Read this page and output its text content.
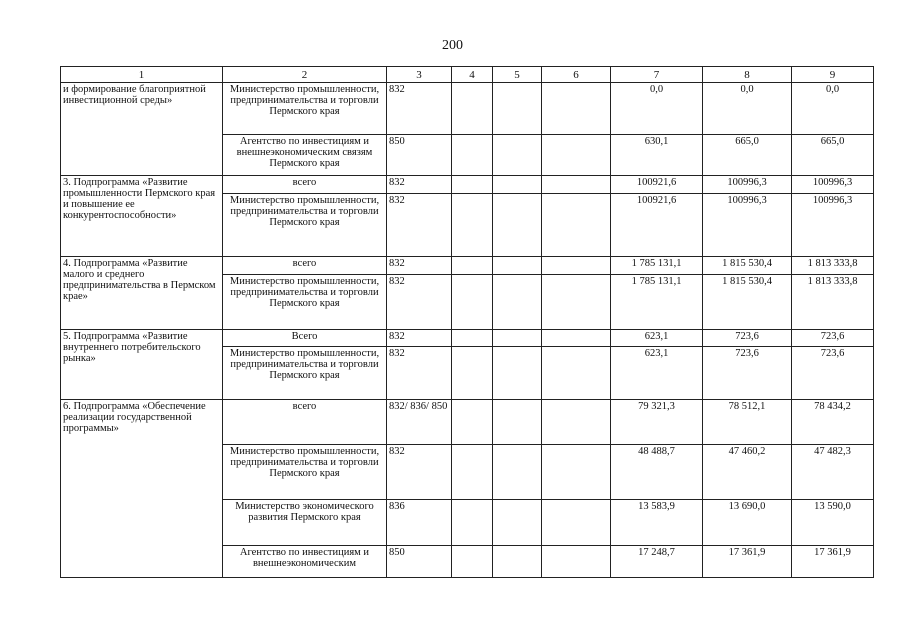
200
1	2	3	4	5	6	7	8	9
и формирование благоприятной инвестиционной среды»	Министерство промышленности, предпринимательства и торговли Пермского края	832				0,0	0,0	0,0
	Агентство по инвестициям и внешнеэкономическим связям Пермского края	850				630,1	665,0	665,0
3. Подпрограмма «Развитие промышленности Пермского края и повышение ее конкурентоспособности»	всего	832				100921,6	100996,3	100996,3
	Министерство промышленности, предпринимательства и торговли Пермского края	832				100921,6	100996,3	100996,3
4. Подпрограмма «Развитие малого и среднего предпринимательства в Пермском крае»	всего	832				1 785 131,1	1 815 530,4	1 813 333,8
	Министерство промышленности, предпринимательства и торговли Пермского края	832				1 785 131,1	1 815 530,4	1 813 333,8
5. Подпрограмма «Развитие внутреннего потребительского рынка»	Всего	832				623,1	723,6	723,6
	Министерство промышленности, предпринимательства и торговли Пермского края	832				623,1	723,6	723,6
6. Подпрограмма «Обеспечение реализации государственной программы»	всего	832/ 836/ 850				79 321,3	78 512,1	78 434,2
	Министерство промышленности, предпринимательства и торговли Пермского края	832				48 488,7	47 460,2	47 482,3
	Министерство экономического развития Пермского края	836				13 583,9	13 690,0	13 590,0
	Агентство по инвестициям и внешнеэкономическим	850				17 248,7	17 361,9	17 361,9
